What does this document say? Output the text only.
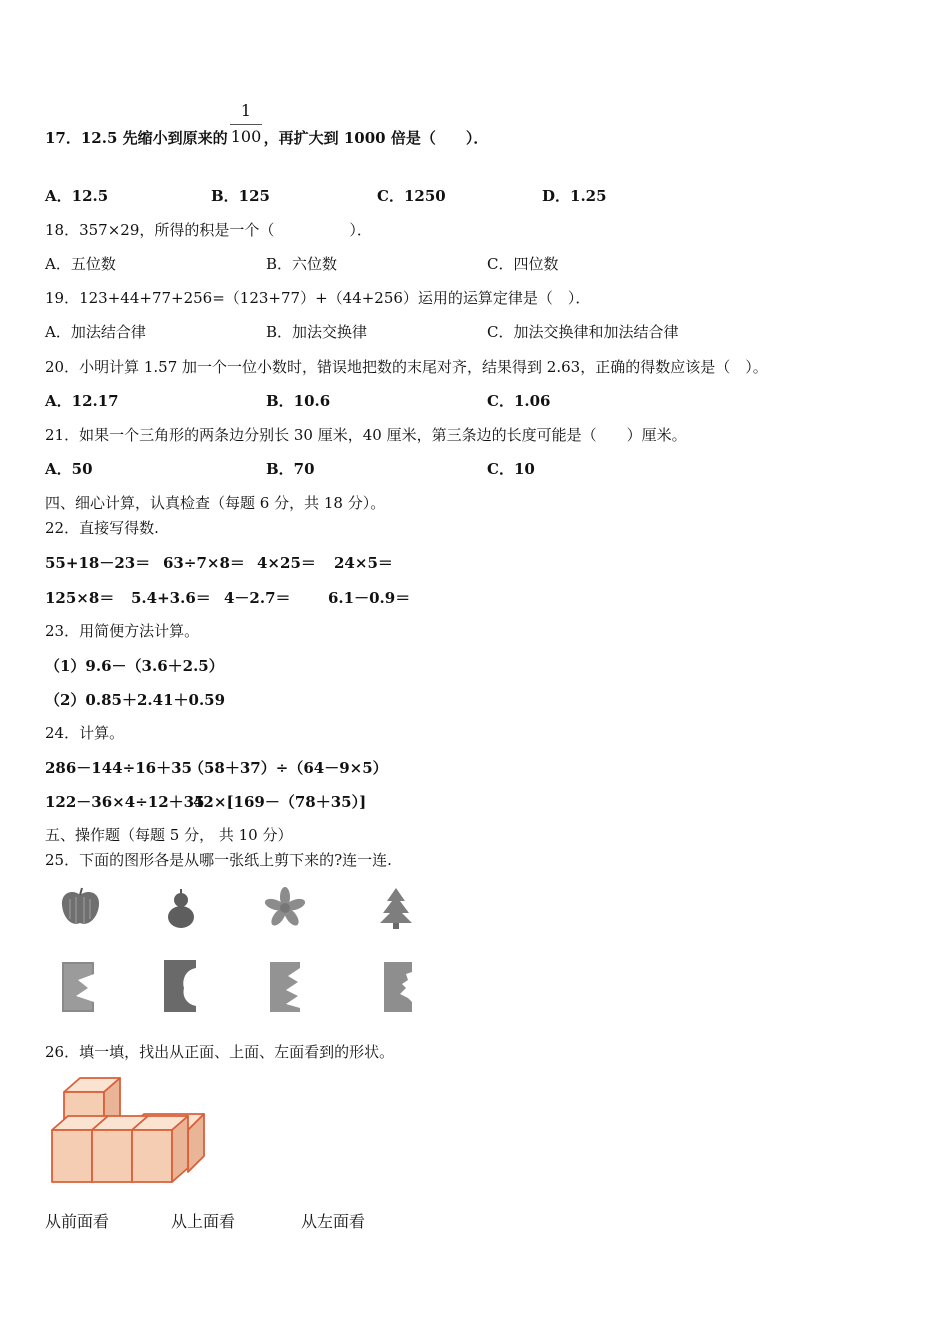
17．12.5 先缩小到原来的 ，再扩大到 1000 倍是（　　）．
1
100
A．12.5	B．125	C．1250	D．1.25
18．357×29，所得的积是一个（　　　　　）．
A．五位数	B．六位数	C．四位数
19．123+44+77+256=（123+77）+（44+256）运用的运算定律是（　）．
A．加法结合律	B．加法交换律	C．加法交换律和加法结合律
20．小明计算 1.57 加一个一位小数时，错误地把数的末尾对齐，结果得到 2.63，正确的得数应该是（　）。
A．12.17	B．10.6	C．1.06
21．如果一个三角形的两条边分别长 30 厘米，40 厘米，第三条边的长度可能是（　　）厘米。
A．50	B．70	C．10
四、细心计算，认真检查（每题 6 分，共 18 分）。
22．直接写得数.
55+18－23＝ 63÷7×8＝ 4×25＝ 24×5＝
125×8＝ 5.4+3.6＝ 4－2.7＝ 6.1－0.9＝
23．用简便方法计算。
（1）9.6－（3.6＋2.5）
（2）0.85＋2.41＋0.59
24．计算。
286－144÷16＋35
（58＋37）÷（64－9×5）
122－36×4÷12＋35
42×[169－（78＋35）]
五、操作题（每题 5 分， 共 10 分）
25．下面的图形各是从哪一张纸上剪下来的?连一连.
26．填一填，找出从正面、上面、左面看到的形状。
从前面看	从上面看	从左面看
